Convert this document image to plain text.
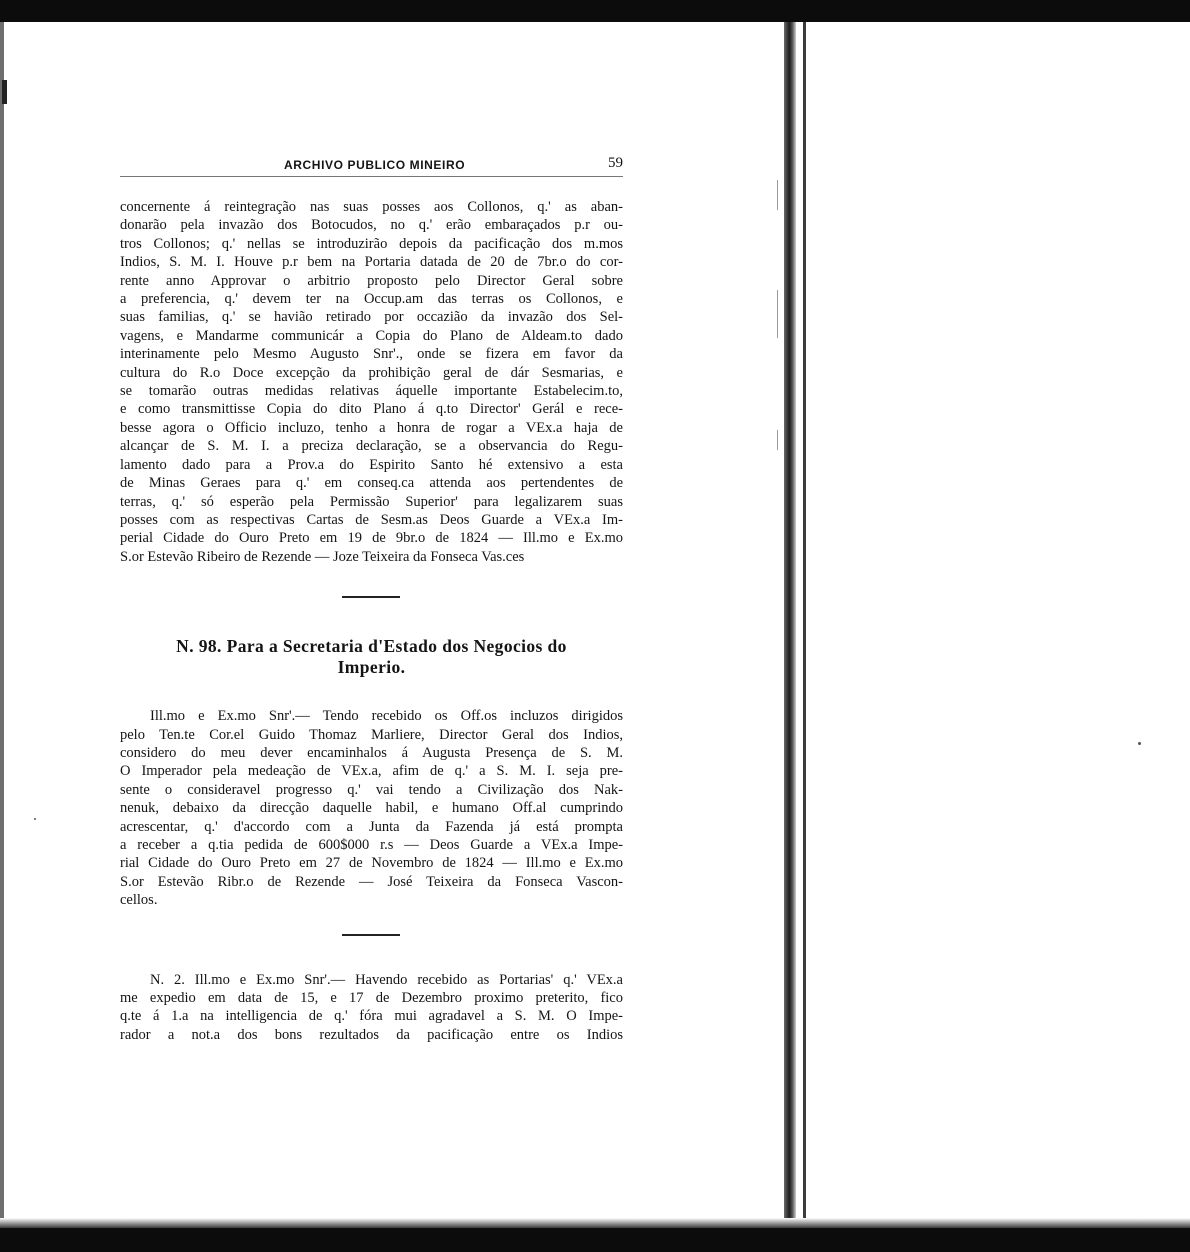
ARCHIVO PUBLICO MINEIRO	59

concernente á reintegração nas suas posses aos Collonos, q.' as aban-
donarão pela invazão dos Botocudos, no q.' erão embaraçados p.r ou-
tros Collonos; q.' nellas se introduzirão depois da pacificação dos m.mos
Indios, S. M. I. Houve p.r bem na Portaria datada de 20 de 7br.o do cor-
rente anno Approvar o arbitrio proposto pelo Director Geral sobre
a preferencia, q.' devem ter na Occup.am das terras os Collonos, e
suas familias, q.' se havião retirado por occazião da invazão dos Sel-
vagens, e Mandarme communicár a Copia do Plano de Aldeam.to dado
interinamente pelo Mesmo Augusto Snr'., onde se fizera em favor da
cultura do R.o Doce excepção da prohibição geral de dár Sesmarias, e
se tomarão outras medidas relativas áquelle importante Estabelecim.to,
e como transmittisse Copia do dito Plano á q.to Director' Gerál e rece-
besse agora o Officio incluzo, tenho a honra de rogar a VEx.a haja de
alcançar de S. M. I. a preciza declaração, se a observancia do Regu-
lamento dado para a Prov.a do Espirito Santo hé extensivo a esta
de Minas Geraes para q.' em conseq.ca attenda aos pertendentes de
terras, q.' só esperão pela Permissão Superior' para legalizarem suas
posses com as respectivas Cartas de Sesm.as Deos Guarde a VEx.a Im-
perial Cidade do Ouro Preto em 19 de 9br.o de 1824 — Ill.mo e Ex.mo
S.or Estevão Ribeiro de Rezende — Joze Teixeira da Fonseca Vas.ces

N. 98. Para a Secretaria d'Estado dos Negocios do
Imperio.

Ill.mo e Ex.mo Snr'.— Tendo recebido os Off.os incluzos dirigidos
pelo Ten.te Cor.el Guido Thomaz Marliere, Director Geral dos Indios,
considero do meu dever encaminhalos á Augusta Presença de S. M.
O Imperador pela medeação de VEx.a, afim de q.' a S. M. I. seja pre-
sente o consideravel progresso q.' vai tendo a Civilização dos Nak-
nenuk, debaixo da direcção daquelle habil, e humano Off.al cumprindo
acrescentar, q.' d'accordo com a Junta da Fazenda já está prompta
a receber a q.tia pedida de 600$000 r.s — Deos Guarde a VEx.a Impe-
rial Cidade do Ouro Preto em 27 de Novembro de 1824 — Ill.mo e Ex.mo
S.or Estevão Ribr.o de Rezende — José Teixeira da Fonseca Vascon-
cellos.

N. 2. Ill.mo e Ex.mo Snr'.— Havendo recebido as Portarias' q.' VEx.a
me expedio em data de 15, e 17 de Dezembro proximo preterito, fico
q.te á 1.a na intelligencia de q.' fóra mui agradavel a S. M. O Impe-
rador a not.a dos bons rezultados da pacificação entre os Indios
